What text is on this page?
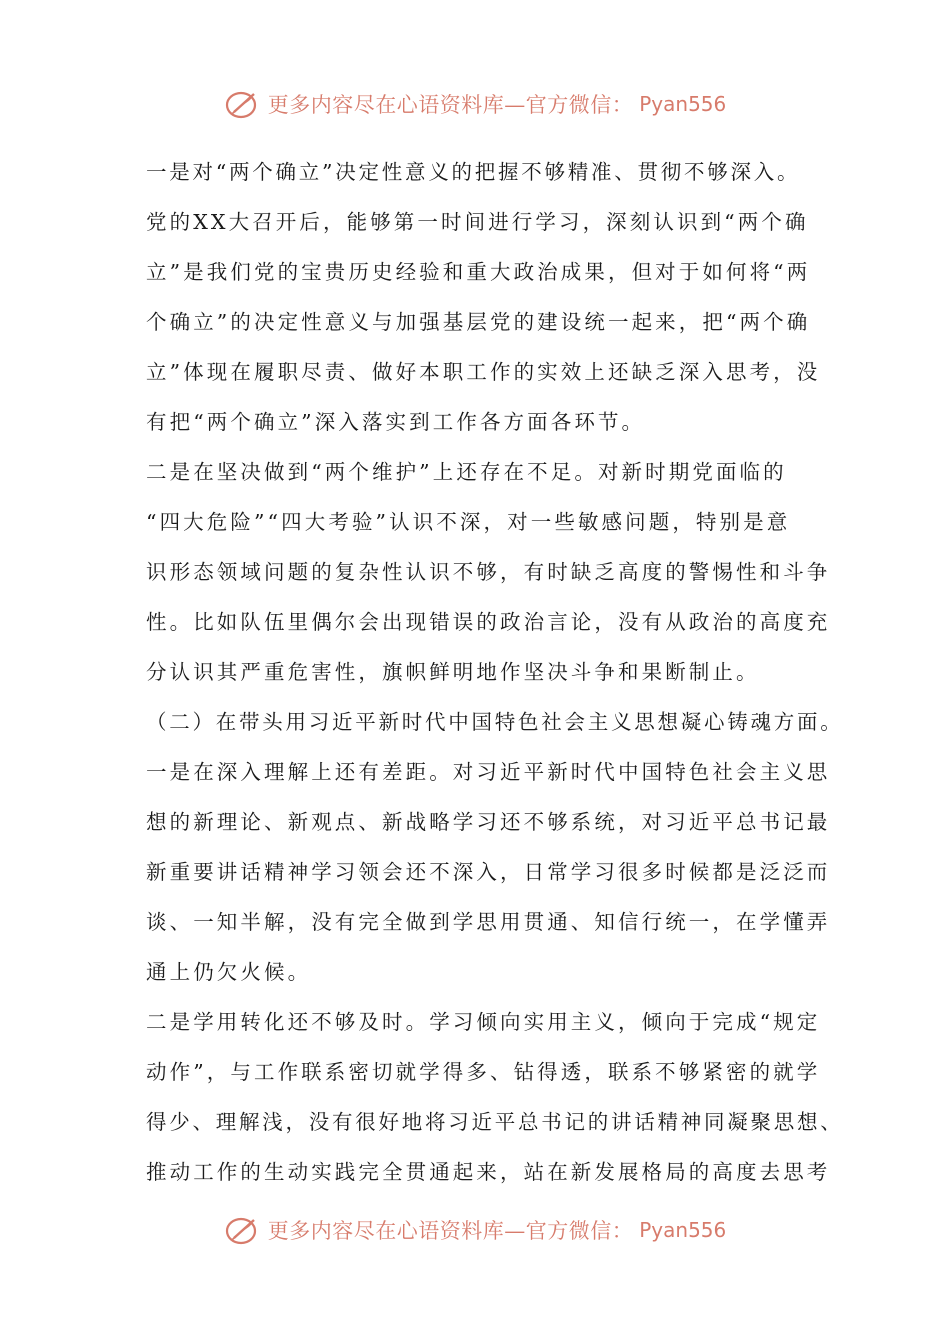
更多内容尽在心语资料库—官方微信： Pyan556
一是对“两个确立”决定性意义的把握不够精准、贯彻不够深入。
党的XX大召开后，能够第一时间进行学习，深刻认识到“两个确
立”是我们党的宝贵历史经验和重大政治成果，但对于如何将“两
个确立”的决定性意义与加强基层党的建设统一起来，把“两个确
立”体现在履职尽责、做好本职工作的实效上还缺乏深入思考，没
有把“两个确立”深入落实到工作各方面各环节。
二是在坚决做到“两个维护”上还存在不足。对新时期党面临的
“四大危险”“四大考验”认识不深，对一些敏感问题，特别是意
识形态领域问题的复杂性认识不够，有时缺乏高度的警惕性和斗争
性。比如队伍里偶尔会出现错误的政治言论，没有从政治的高度充
分认识其严重危害性，旗帜鲜明地作坚决斗争和果断制止。
（二）在带头用习近平新时代中国特色社会主义思想凝心铸魂方面。
一是在深入理解上还有差距。对习近平新时代中国特色社会主义思
想的新理论、新观点、新战略学习还不够系统，对习近平总书记最
新重要讲话精神学习领会还不深入，日常学习很多时候都是泛泛而
谈、一知半解，没有完全做到学思用贯通、知信行统一，在学懂弄
通上仍欠火候。
二是学用转化还不够及时。学习倾向实用主义，倾向于完成“规定
动作”，与工作联系密切就学得多、钻得透，联系不够紧密的就学
得少、理解浅，没有很好地将习近平总书记的讲话精神同凝聚思想、
推动工作的生动实践完全贯通起来，站在新发展格局的高度去思考
更多内容尽在心语资料库—官方微信： Pyan556
